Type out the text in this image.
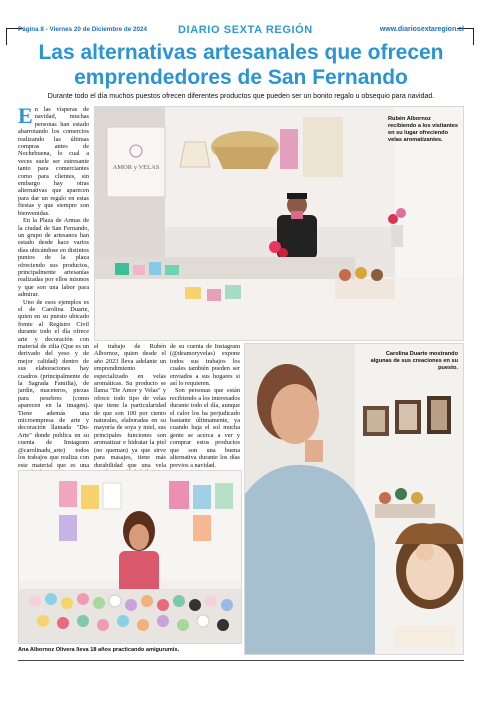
Página 8 - Viernes 20 de Diciembre de 2024	DIARIO SEXTA REGIÓN	www.diariosextaregion.cl
Las alternativas artesanales que ofrecen
emprendedores de San Fernando
Durante todo el día muchos puestos ofrecen diferentes productos que pueden ser un bonito regalo u obsequio para navidad.

En las vísperas de navidad, muchas personas han estado abarrotando los comercios realizando las últimas compras antes de Nochebuena, lo cual a veces suele ser estresante tanto para comerciantes como para clientes, sin embargo hay otras alternativas que aparecen para dar un regalo en estas fiestas y que siempre son bienvenidas.

En la Plaza de Armas de la ciudad de San Fernando, un grupo de artesanos han estado desde hace varios días ubicándose en distintos puntos de la plaza ofreciendo sus productos, principalmente artesanías realizadas por ellos mismos y que son una labor para admirar.

Uno de esos ejemplos es el de Carolina Duarte, quien en su puesto ubicado frente al Registro Civil durante todo el día ofrece arte y decoración con material de zilia (Que es un derivado del yeso y de mejor calidad) dentro de sus elaboraciones hay cuadros (principalmente de la Sagrada Familia), de jardín, maceteros, piezas para pesebres (como aparecen en la imagen). Tiene además una microempresa de arte y decoración llamada "Du-Arte" donde publica en su cuenta de Instagram @carolinadu_arte) todos los trabajos que realiza con este material que es una

AMOR y VELAS
Rubén Albornoz recibiendo a los visitantes en su lugar ofreciendo velas aromatizantes.

el trabajo de Rubén Albornoz, quien desde el año 2023 lleva adelante un emprendimiento especializado en velas aromáticas. Su producto se llama "De Amor y Velas" y ofrece todo tipo de velas que tiene la particularidad de que son 100 por ciento naturales, elaboradas en su mayoría de soya y miel, sus principales funciones son aromatizar e hidratar la piel (no queman) ya que sirve para masajes, tiene más durabilidad que una vela

de su cuenta de Instagram (@deamoryvelas) expone todos sus trabajos los cuales también pueden ser enviados a sus hogares si así lo requieren.

Son personas que están recibiendo a los interesados durante todo el día, aunque el calor los ha perjudicado bastante últimamente, ya cuando baja el sol mucha gente se acerca a ver y comprar estos productos que son una buena alternativa durante los días previos a navidad.

Carolina Duarte mostrando algunas de sus creaciones en su puesto.
Ana Albornoz Olivera lleva 18 años practicando amigurumis.
